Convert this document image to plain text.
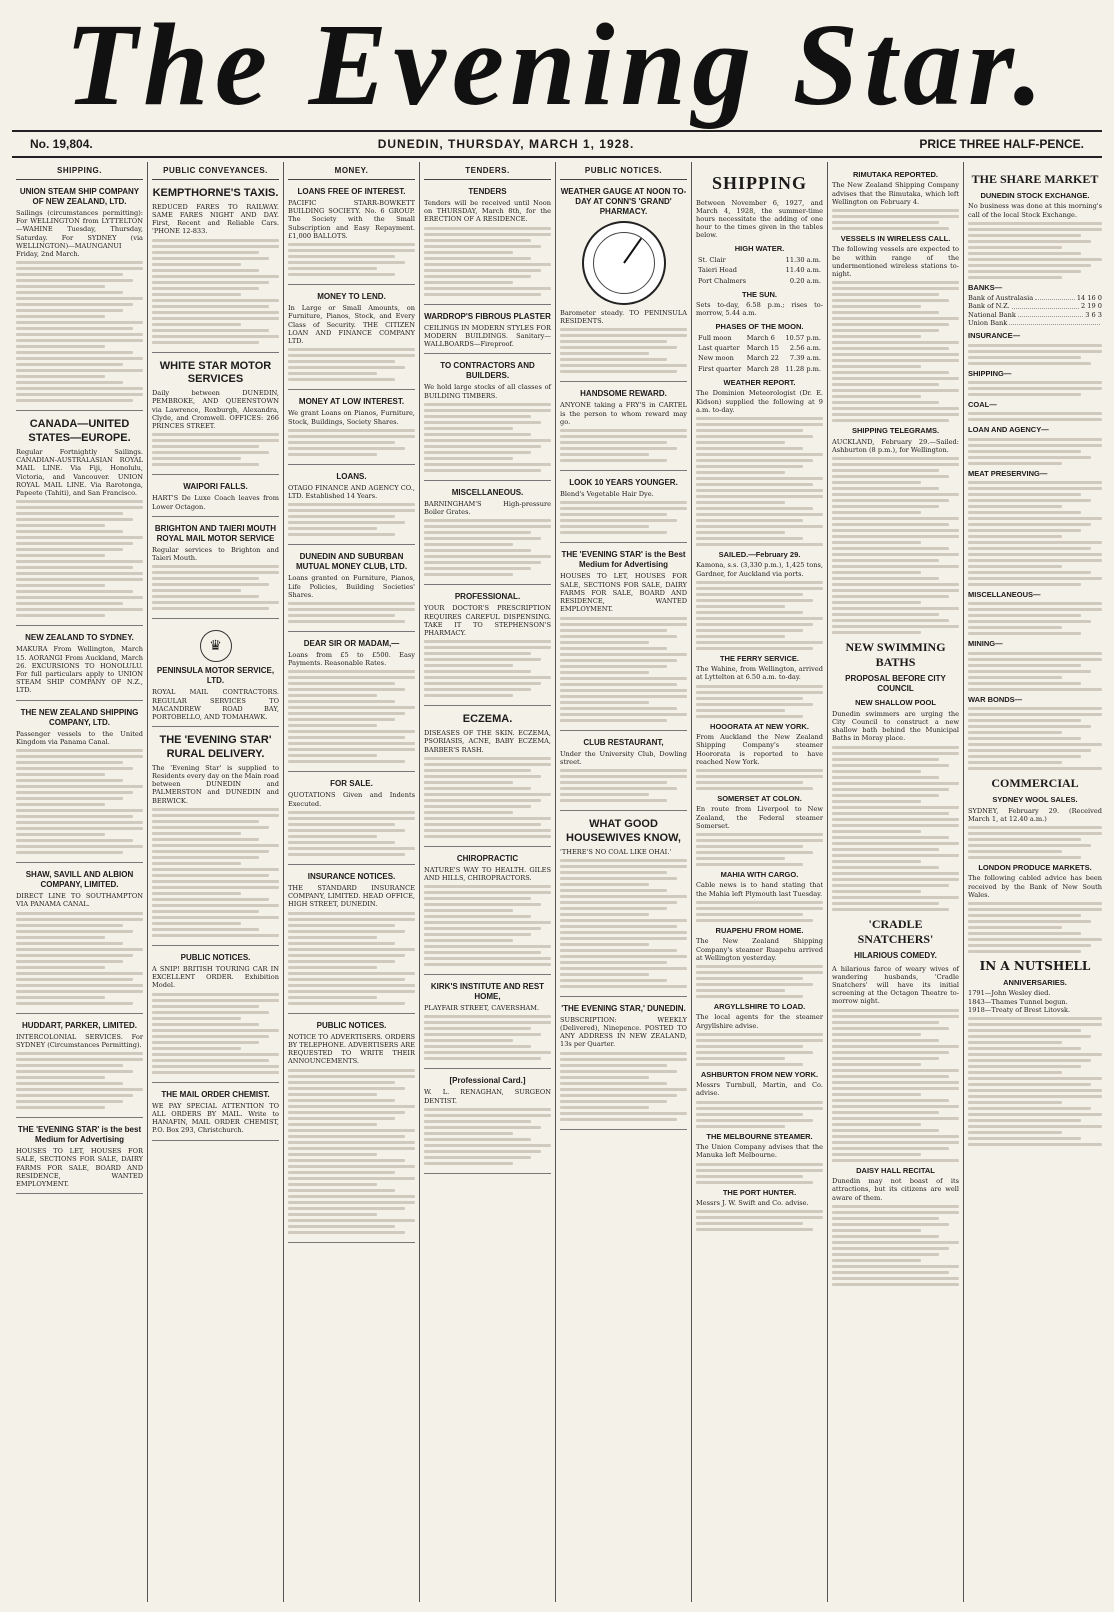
The Evening Star.
No. 19,804.	DUNEDIN, THURSDAY, MARCH 1, 1928.	PRICE THREE HALF-PENCE.
SHIPPING.
UNION STEAM SHIP COMPANY OF NEW ZEALAND, LTD.
Sailings (circumstances permitting): For WELLINGTON from LYTTELTON—WAHINE Tuesday, Thursday, Saturday. For SYDNEY (via WELLINGTON)—MAUNGANUI Friday, 2nd March.
CANADA—UNITED STATES—EUROPE.
Regular Fortnightly Sailings. CANADIAN-AUSTRALASIAN ROYAL MAIL LINE. Via Fiji, Honolulu, Victoria, and Vancouver. UNION ROYAL MAIL LINE. Via Rarotonga, Papeete (Tahiti), and San Francisco.
NEW ZEALAND TO SYDNEY.
MAKURA From Wellington, March 15. AORANGI From Auckland, March 26. EXCURSIONS TO HONOLULU. For full particulars apply to UNION STEAM SHIP COMPANY OF N.Z., LTD.
THE NEW ZEALAND SHIPPING COMPANY, LTD.
Passenger vessels to the United Kingdom via Panama Canal.
SHAW, SAVILL AND ALBION COMPANY, LIMITED.
DIRECT LINE TO SOUTHAMPTON VIA PANAMA CANAL.
HUDDART, PARKER, LIMITED.
INTERCOLONIAL SERVICES. For SYDNEY (Circumstances Permitting).
THE 'EVENING STAR' is the best Medium for Advertising
HOUSES TO LET, HOUSES FOR SALE, SECTIONS FOR SALE, DAIRY FARMS FOR SALE, BOARD AND RESIDENCE, WANTED EMPLOYMENT.
PUBLIC CONVEYANCES.
KEMPTHORNE'S TAXIS.
REDUCED FARES TO RAILWAY. SAME FARES NIGHT AND DAY. First, Recent and Reliable Cars. 'PHONE 12-833.
WHITE STAR MOTOR SERVICES
Daily between DUNEDIN, PEMBROKE, AND QUEENSTOWN via Lawrence, Roxburgh, Alexandra, Clyde, and Cromwell. OFFICES: 266 PRINCES STREET.
WAIPORI FALLS.
HART'S De Luxe Coach leaves from Lower Octagon.
BRIGHTON AND TAIERI MOUTH ROYAL MAIL MOTOR SERVICE
Regular services to Brighton and Taieri Mouth.
♛
PENINSULA MOTOR SERVICE, LTD.
ROYAL MAIL CONTRACTORS. REGULAR SERVICES TO MACANDREW ROAD BAY, PORTOBELLO, AND TOMAHAWK.
THE 'EVENING STAR' RURAL DELIVERY.
The 'Evening Star' is supplied to Residents every day on the Main road between DUNEDIN and PALMERSTON and DUNEDIN and BERWICK.
PUBLIC NOTICES.
A SNIP! BRITISH TOURING CAR IN EXCELLENT ORDER. Exhibition Model.
THE MAIL ORDER CHEMIST.
WE PAY SPECIAL ATTENTION TO ALL ORDERS BY MAIL. Write to HANAFIN, MAIL ORDER CHEMIST, P.O. Box 293, Christchurch.
MONEY.
LOANS FREE OF INTEREST.
PACIFIC STARR-BOWKETT BUILDING SOCIETY. No. 6 GROUP. The Society with the Small Subscription and Easy Repayment. £1,000 BALLOTS.
MONEY TO LEND.
In Large or Small Amounts, on Furniture, Pianos, Stock, and Every Class of Security. THE CITIZEN LOAN AND FINANCE COMPANY LTD.
MONEY AT LOW INTEREST.
We grant Loans on Pianos, Furniture, Stock, Buildings, Society Shares.
LOANS.
OTAGO FINANCE AND AGENCY CO., LTD. Established 14 Years.
DUNEDIN AND SUBURBAN MUTUAL MONEY CLUB, LTD.
Loans granted on Furniture, Pianos, Life Policies, Building Societies' Shares.
DEAR SIR OR MADAM,—
Loans from £5 to £500. Easy Payments. Reasonable Rates.
FOR SALE.
QUOTATIONS Given and Indents Executed.
INSURANCE NOTICES.
THE STANDARD INSURANCE COMPANY, LIMITED. HEAD OFFICE, HIGH STREET, DUNEDIN.
PUBLIC NOTICES.
NOTICE TO ADVERTISERS. ORDERS BY TELEPHONE. ADVERTISERS ARE REQUESTED TO WRITE THEIR ANNOUNCEMENTS.
TENDERS.
TENDERS
Tenders will be received until Noon on THURSDAY, March 8th, for the ERECTION OF A RESIDENCE.
WARDROP'S FIBROUS PLASTER
CEILINGS IN MODERN STYLES FOR MODERN BUILDINGS. Sanitary—WALLBOARDS—Fireproof.
TO CONTRACTORS AND BUILDERS.
We hold large stocks of all classes of BUILDING TIMBERS.
MISCELLANEOUS.
BARNINGHAM'S High-pressure Boiler Grates.
PROFESSIONAL.
YOUR DOCTOR'S PRESCRIPTION REQUIRES CAREFUL DISPENSING. TAKE IT TO STEPHENSON'S PHARMACY.
ECZEMA.
DISEASES OF THE SKIN. ECZEMA, PSORIASIS, ACNE, BABY ECZEMA, BARBER'S RASH.
CHIROPRACTIC
NATURE'S WAY TO HEALTH. GILES AND HILLS, CHIROPRACTORS.
KIRK'S INSTITUTE AND REST HOME,
PLAYFAIR STREET, CAVERSHAM.
[Professional Card.]
W. L. RENAGHAN, SURGEON DENTIST.
PUBLIC NOTICES.
WEATHER GAUGE AT NOON TO-DAY AT CONN'S 'GRAND' PHARMACY.
Barometer steady. TO PENINSULA RESIDENTS.
HANDSOME REWARD.
ANYONE taking a FRY'S in CARTEL is the person to whom reward may go.
LOOK 10 YEARS YOUNGER.
Blend's Vegetable Hair Dye.
THE 'EVENING STAR' is the Best Medium for Advertising
HOUSES TO LET, HOUSES FOR SALE, SECTIONS FOR SALE, DAIRY FARMS FOR SALE, BOARD AND RESIDENCE, WANTED EMPLOYMENT.
CLUB RESTAURANT,
Under the University Club, Dowling street.
WHAT GOOD HOUSEWIVES KNOW,
'THERE'S NO COAL LIKE OHAI.'
'THE EVENING STAR,' DUNEDIN.
SUBSCRIPTION: WEEKLY (Delivered), Ninepence. POSTED TO ANY ADDRESS IN NEW ZEALAND, 13s per Quarter.
SHIPPING
Between November 6, 1927, and March 4, 1928, the summer-time hours necessitate the adding of one hour to the times given in the tables below.
HIGH WATER.
St. Clair	11.30 a.m.
Taieri Head	11.40 a.m.
Port Chalmers	0.20 a.m.
THE SUN.
Sets to-day, 6.58 p.m.; rises to-morrow, 5.44 a.m.
PHASES OF THE MOON.
Full moon	March 6	10.57 p.m.
Last quarter	March 15	2.56 a.m.
New moon	March 22	7.39 a.m.
First quarter	March 28	11.28 p.m.
WEATHER REPORT.
The Dominion Meteorologist (Dr. E. Kidson) supplied the following at 9 a.m. to-day.
SAILED.—February 29.
Kamona, s.s. (3,330 p.m.), 1,425 tons, Gardner, for Auckland via ports.
THE FERRY SERVICE.
The Wahine, from Wellington, arrived at Lyttelton at 6.50 a.m. to-day.
HOOORATA AT NEW YORK.
From Auckland the New Zealand Shipping Company's steamer Hoororata is reported to have reached New York.
SOMERSET AT COLON.
En route from Liverpool to New Zealand, the Federal steamer Somerset.
MAHIA WITH CARGO.
Cable news is to hand stating that the Mahia left Plymouth last Tuesday.
RUAPEHU FROM HOME.
The New Zealand Shipping Company's steamer Ruapehu arrived at Wellington yesterday.
ARGYLLSHIRE TO LOAD.
The local agents for the steamer Argyllshire advise.
ASHBURTON FROM NEW YORK.
Messrs Turnbull, Martin, and Co. advise.
THE MELBOURNE STEAMER.
The Union Company advises that the Manuka left Melbourne.
THE PORT HUNTER.
Messrs J. W. Swift and Co. advise.
RIMUTAKA REPORTED.
The New Zealand Shipping Company advises that the Rimutaka, which left Wellington on February 4.
VESSELS IN WIRELESS CALL.
The following vessels are expected to be within range of the undermentioned wireless stations to-night.
SHIPPING TELEGRAMS.
AUCKLAND, February 29.—Sailed: Ashburton (8 p.m.), for Wellington.
NEW SWIMMING BATHS
PROPOSAL BEFORE CITY COUNCIL
NEW SHALLOW POOL
Dunedin swimmers are urging the City Council to construct a new shallow bath behind the Municipal Baths in Moray place.
'CRADLE SNATCHERS'
HILARIOUS COMEDY.
A hilarious farce of weary wives of wandering husbands, 'Cradle Snatchers' will have its initial screening at the Octagon Theatre to-morrow night.
DAISY HALL RECITAL
Dunedin may not boast of its attractions, but its citizens are well aware of them.
THE SHARE MARKET
DUNEDIN STOCK EXCHANGE.
No business was done at this morning's call of the local Stock Exchange.
BANKS—
Bank of Australasia	14 16 0
Bank of N.Z.	2 19 0
National Bank	3 6 3
Union Bank
INSURANCE—
SHIPPING—
COAL—
LOAN AND AGENCY—
MEAT PRESERVING—
MISCELLANEOUS—
MINING—
WAR BONDS—
COMMERCIAL
SYDNEY WOOL SALES.
SYDNEY, February 29. (Received March 1, at 12.40 a.m.)
LONDON PRODUCE MARKETS.
The following cabled advice has been received by the Bank of New South Wales.
IN A NUTSHELL
ANNIVERSARIES.
1791—John Wesley died.
1843—Thames Tunnel begun.
1918—Treaty of Brest Litovsk.
